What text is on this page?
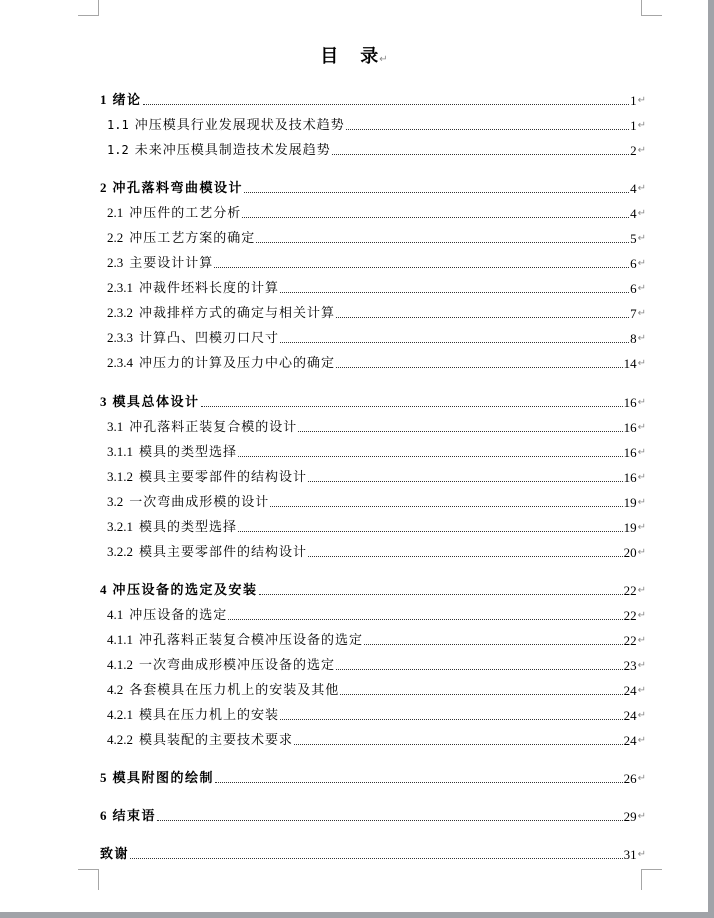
目 录↵
1 绪论	1 ↵
1.1 冲压模具行业发展现状及技术趋势	1 ↵
1.2 未来冲压模具制造技术发展趋势	2 ↵
2 冲孔落料弯曲模设计	4 ↵
2.1 冲压件的工艺分析	4 ↵
2.2 冲压工艺方案的确定	5 ↵
2.3 主要设计计算	6 ↵
2.3.1 冲裁件坯料长度的计算	6 ↵
2.3.2 冲裁排样方式的确定与相关计算	7 ↵
2.3.3 计算凸、凹模刃口尺寸	8 ↵
2.3.4 冲压力的计算及压力中心的确定	14 ↵
3 模具总体设计	16 ↵
3.1 冲孔落料正装复合模的设计	16 ↵
3.1.1 模具的类型选择	16 ↵
3.1.2 模具主要零部件的结构设计	16 ↵
3.2 一次弯曲成形模的设计	19 ↵
3.2.1 模具的类型选择	19 ↵
3.2.2 模具主要零部件的结构设计	20 ↵
4 冲压设备的选定及安装	22 ↵
4.1 冲压设备的选定	22 ↵
4.1.1 冲孔落料正装复合模冲压设备的选定	22 ↵
4.1.2 一次弯曲成形模冲压设备的选定	23 ↵
4.2 各套模具在压力机上的安装及其他	24 ↵
4.2.1 模具在压力机上的安装	24 ↵
4.2.2 模具装配的主要技术要求	24 ↵
5 模具附图的绘制	26 ↵
6 结束语	29 ↵
致谢	31 ↵
